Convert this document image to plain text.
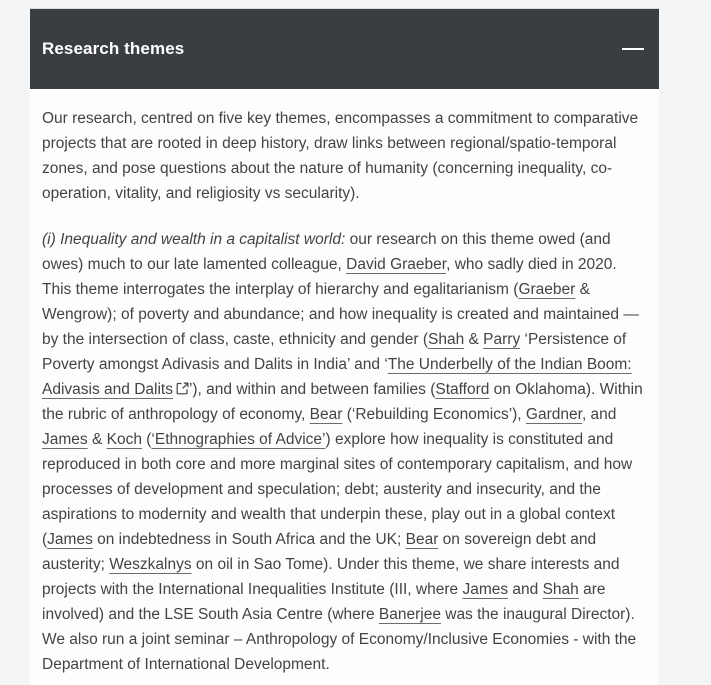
Research themes

Our research, centred on five key themes, encompasses a commitment to comparative projects that are rooted in deep history, draw links between regional/spatio-temporal zones, and pose questions about the nature of humanity (concerning inequality, co-operation, vitality, and religiosity vs secularity).

(i) Inequality and wealth in a capitalist world: our research on this theme owed (and owes) much to our late lamented colleague, David Graeber, who sadly died in 2020. This theme interrogates the interplay of hierarchy and egalitarianism (Graeber & Wengrow); of poverty and abundance; and how inequality is created and maintained —by the intersection of class, caste, ethnicity and gender (Shah & Parry ‘Persistence of Poverty amongst Adivasis and Dalits in India’ and ‘The Underbelly of the Indian Boom: Adivasis and Dalits ’), and within and between families (Stafford on Oklahoma). Within the rubric of anthropology of economy, Bear (‘Rebuilding Economics’), Gardner, and James & Koch (‘Ethnographies of Advice’) explore how inequality is constituted and reproduced in both core and more marginal sites of contemporary capitalism, and how processes of development and speculation; debt; austerity and insecurity, and the aspirations to modernity and wealth that underpin these, play out in a global context (James on indebtedness in South Africa and the UK; Bear on sovereign debt and austerity; Weszkalnys on oil in Sao Tome). Under this theme, we share interests and projects with the International Inequalities Institute (III, where James and Shah are involved) and the LSE South Asia Centre (where Banerjee was the inaugural Director). We also run a joint seminar – Anthropology of Economy/Inclusive Economies - with the Department of International Development.
